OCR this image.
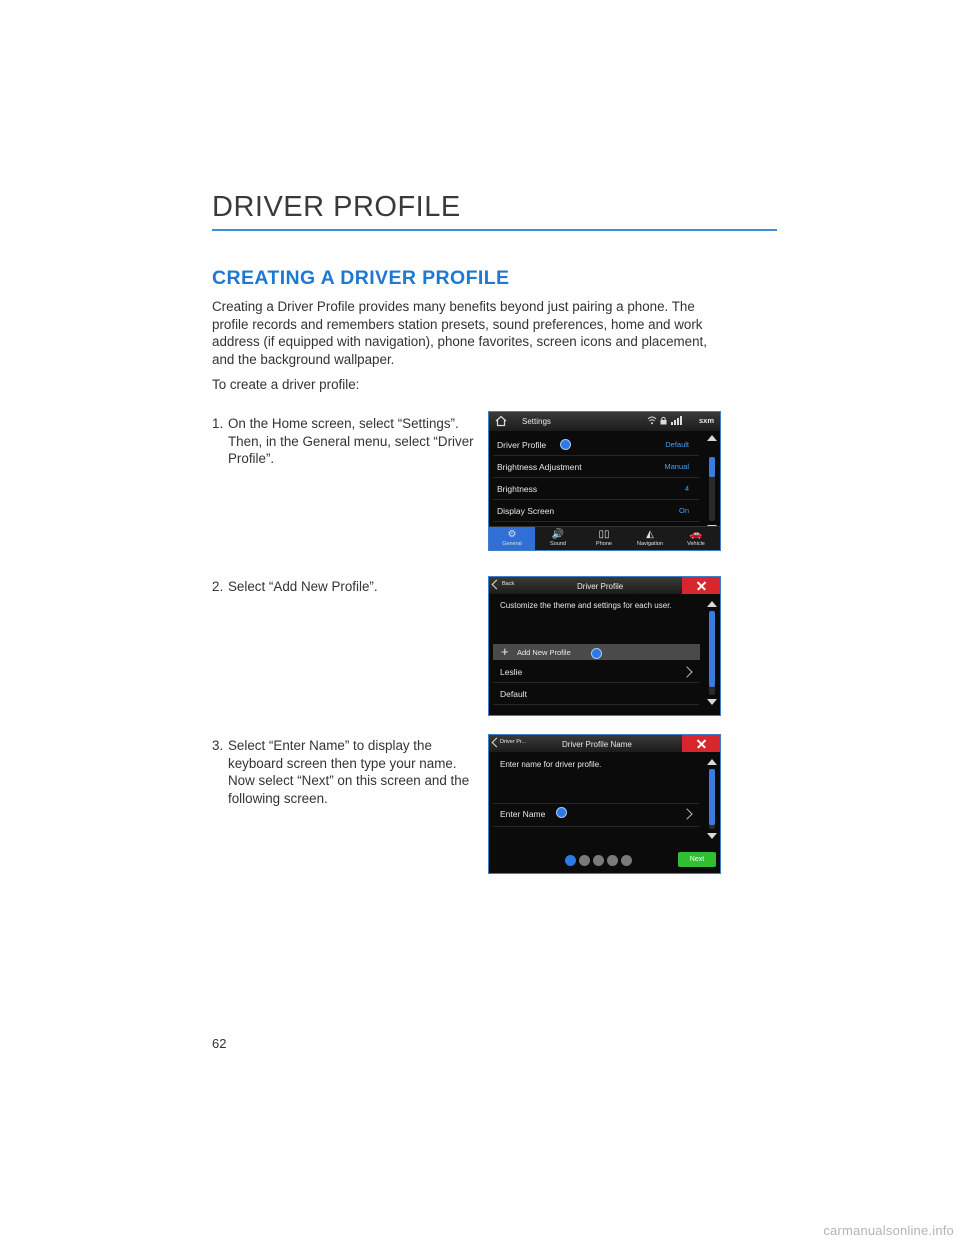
DRIVER PROFILE
CREATING A DRIVER PROFILE

Creating a Driver Profile provides many benefits beyond just pairing a phone. The profile records and remembers station presets, sound preferences, home and work address (if equipped with navigation), phone favorites, screen icons and placement, and the background wallpaper.

To create a driver profile:

1. On the Home screen, select “Settings”. Then, in the General menu, select “Driver Profile”.
2. Select “Add New Profile”.
3. Select “Enter Name” to display the keyboard screen then type your name. Now select “Next” on this screen and the following screen.
Settings	sxm
Driver Profile	Default
Brightness Adjustment	Manual
Brightness	4
Display Screen	On
⚙
General
🔊
Sound
▯▯
Phone
◭
Navigation
🚗
Vehicle
Back	Driver Profile
Customize the theme and settings for each user.
+ Add New Profile
Leslie
Default
Driver Pr...	Driver Profile Name
Enter name for driver profile.
Enter Name
Next
62
carmanualsonline.info
